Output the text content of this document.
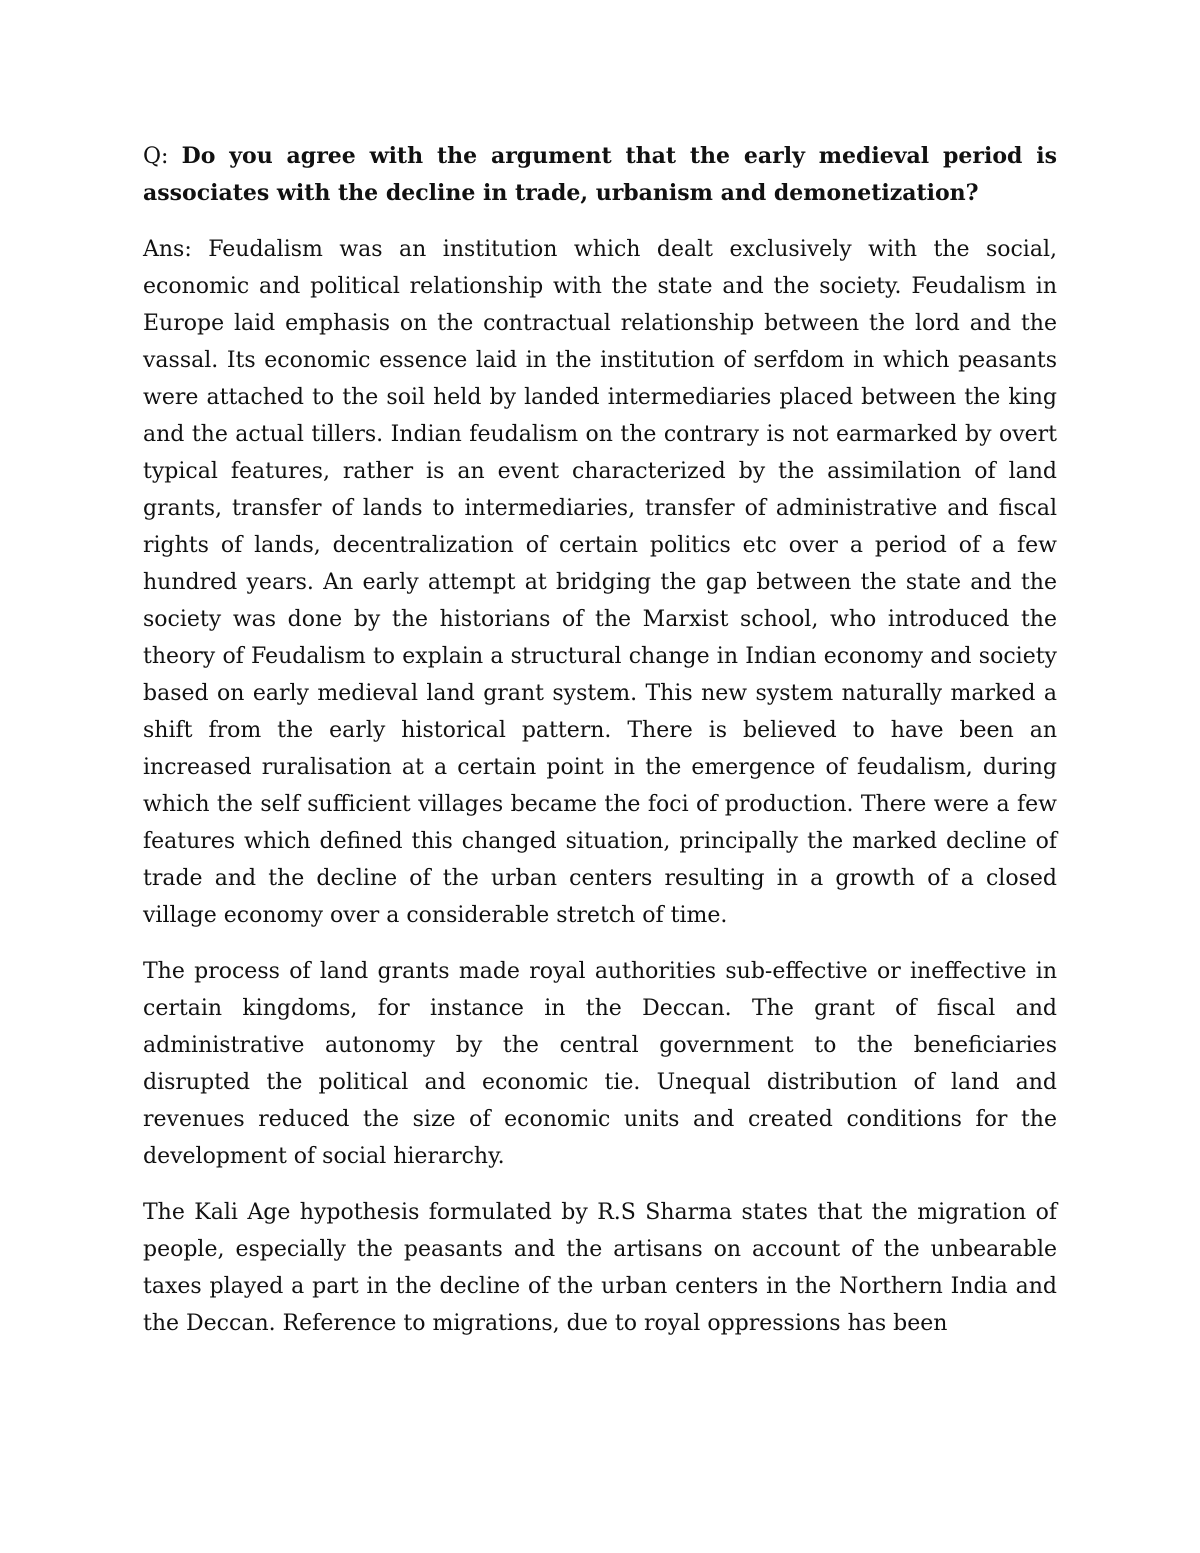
Q: Do you agree with the argument that the early medieval period is associates with the decline in trade, urbanism and demonetization?

Ans: Feudalism was an institution which dealt exclusively with the social, economic and political relationship with the state and the society. Feudalism in Europe laid emphasis on the contractual relationship between the lord and the vassal. Its economic essence laid in the institution of serfdom in which peasants were attached to the soil held by landed intermediaries placed between the king and the actual tillers. Indian feudalism on the contrary is not earmarked by overt typical features, rather is an event characterized by the assimilation of land grants, transfer of lands to intermediaries, transfer of administrative and fiscal rights of lands, decentralization of certain politics etc over a period of a few hundred years. An early attempt at bridging the gap between the state and the society was done by the historians of the Marxist school, who introduced the theory of Feudalism to explain a structural change in Indian economy and society based on early medieval land grant system. This new system naturally marked a shift from the early historical pattern. There is believed to have been an increased ruralisation at a certain point in the emergence of feudalism, during which the self sufficient villages became the foci of production. There were a few features which defined this changed situation, principally the marked decline of trade and the decline of the urban centers resulting in a growth of a closed village economy over a considerable stretch of time.

The process of land grants made royal authorities sub-effective or ineffective in certain kingdoms, for instance in the Deccan. The grant of fiscal and administrative autonomy by the central government to the beneficiaries disrupted the political and economic tie. Unequal distribution of land and revenues reduced the size of economic units and created conditions for the development of social hierarchy.

The Kali Age hypothesis formulated by R.S Sharma states that the migration of people, especially the peasants and the artisans on account of the unbearable taxes played a part in the decline of the urban centers in the Northern India and the Deccan. Reference to migrations, due to royal oppressions has been
